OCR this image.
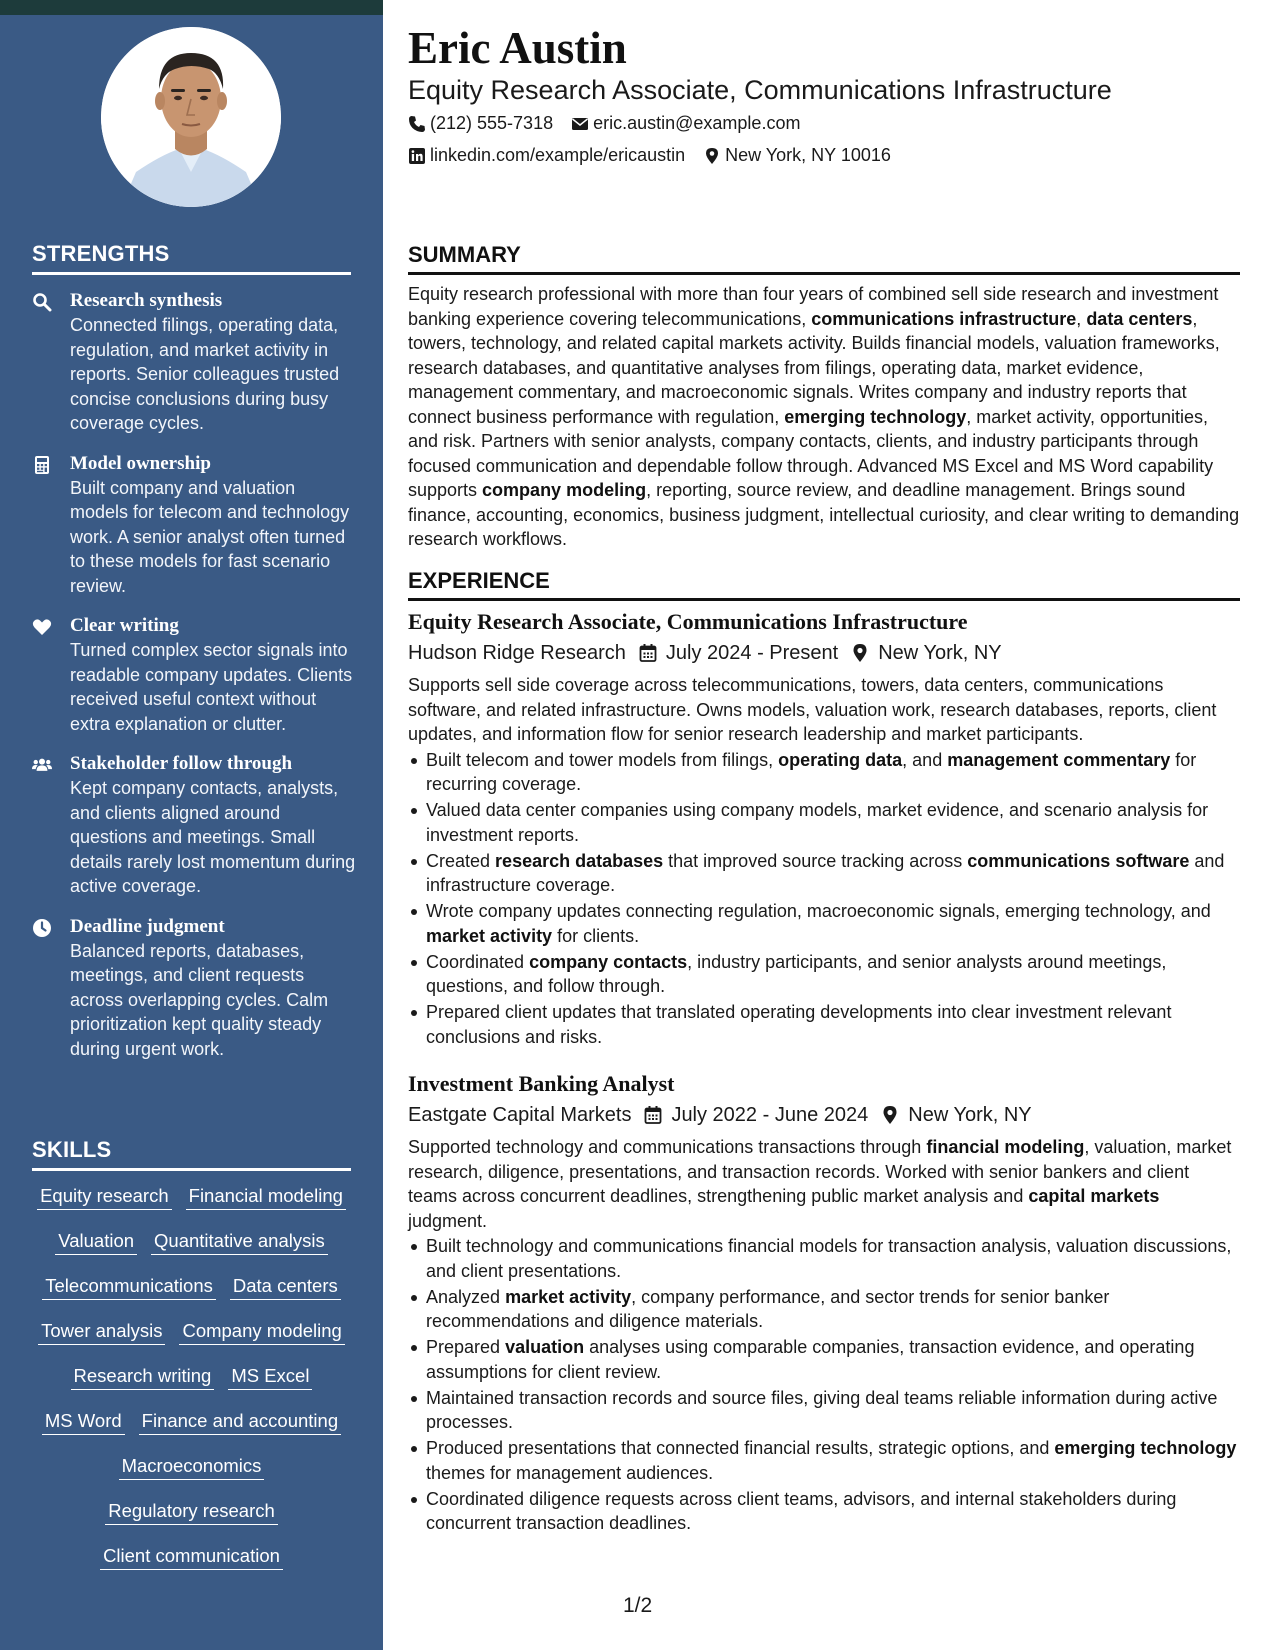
STRENGTHS
Research synthesis
Connected filings, operating data, regulation, and market activity in reports. Senior colleagues trusted concise conclusions during busy coverage cycles.
Model ownership
Built company and valuation models for telecom and technology work. A senior analyst often turned to these models for fast scenario review.
Clear writing
Turned complex sector signals into readable company updates. Clients received useful context without extra explanation or clutter.
Stakeholder follow through
Kept company contacts, analysts, and clients aligned around questions and meetings. Small details rarely lost momentum during active coverage.
Deadline judgment
Balanced reports, databases, meetings, and client requests across overlapping cycles. Calm prioritization kept quality steady during urgent work.
SKILLS
Equity research Financial modeling
Valuation Quantitative analysis
Telecommunications Data centers
Tower analysis Company modeling
Research writing MS Excel
MS Word Finance and accounting
Macroeconomics
Regulatory research
Client communication
Eric Austin
Equity Research Associate, Communications Infrastructure
(212) 555-7318 eric.austin@example.com
linkedin.com/example/ericaustin New York, NY 10016
SUMMARY

Equity research professional with more than four years of combined sell side research and investment banking experience covering telecommunications, communications infrastructure, data centers, towers, technology, and related capital markets activity. Builds financial models, valuation frameworks, research databases, and quantitative analyses from filings, operating data, market evidence, management commentary, and macroeconomic signals. Writes company and industry reports that connect business performance with regulation, emerging technology, market activity, opportunities, and risk. Partners with senior analysts, company contacts, clients, and industry participants through focused communication and dependable follow through. Advanced MS Excel and MS Word capability supports company modeling, reporting, source review, and deadline management. Brings sound finance, accounting, economics, business judgment, intellectual curiosity, and clear writing to demanding research workflows.

EXPERIENCE
Equity Research Associate, Communications Infrastructure
Hudson Ridge Research July 2024 - Present New York, NY

Supports sell side coverage across telecommunications, towers, data centers, communications software, and related infrastructure. Owns models, valuation work, research databases, reports, client updates, and information flow for senior research leadership and market participants.

Built telecom and tower models from filings, operating data, and management commentary for recurring coverage.
Valued data center companies using company models, market evidence, and scenario analysis for investment reports.
Created research databases that improved source tracking across communications software and infrastructure coverage.
Wrote company updates connecting regulation, macroeconomic signals, emerging technology, and market activity for clients.
Coordinated company contacts, industry participants, and senior analysts around meetings, questions, and follow through.
Prepared client updates that translated operating developments into clear investment relevant conclusions and risks.
Investment Banking Analyst
Eastgate Capital Markets July 2022 - June 2024 New York, NY

Supported technology and communications transactions through financial modeling, valuation, market research, diligence, presentations, and transaction records. Worked with senior bankers and client teams across concurrent deadlines, strengthening public market analysis and capital markets judgment.

Built technology and communications financial models for transaction analysis, valuation discussions, and client presentations.
Analyzed market activity, company performance, and sector trends for senior banker recommendations and diligence materials.
Prepared valuation analyses using comparable companies, transaction evidence, and operating assumptions for client review.
Maintained transaction records and source files, giving deal teams reliable information during active processes.
Produced presentations that connected financial results, strategic options, and emerging technology themes for management audiences.
Coordinated diligence requests across client teams, advisors, and internal stakeholders during concurrent transaction deadlines.
1/2
